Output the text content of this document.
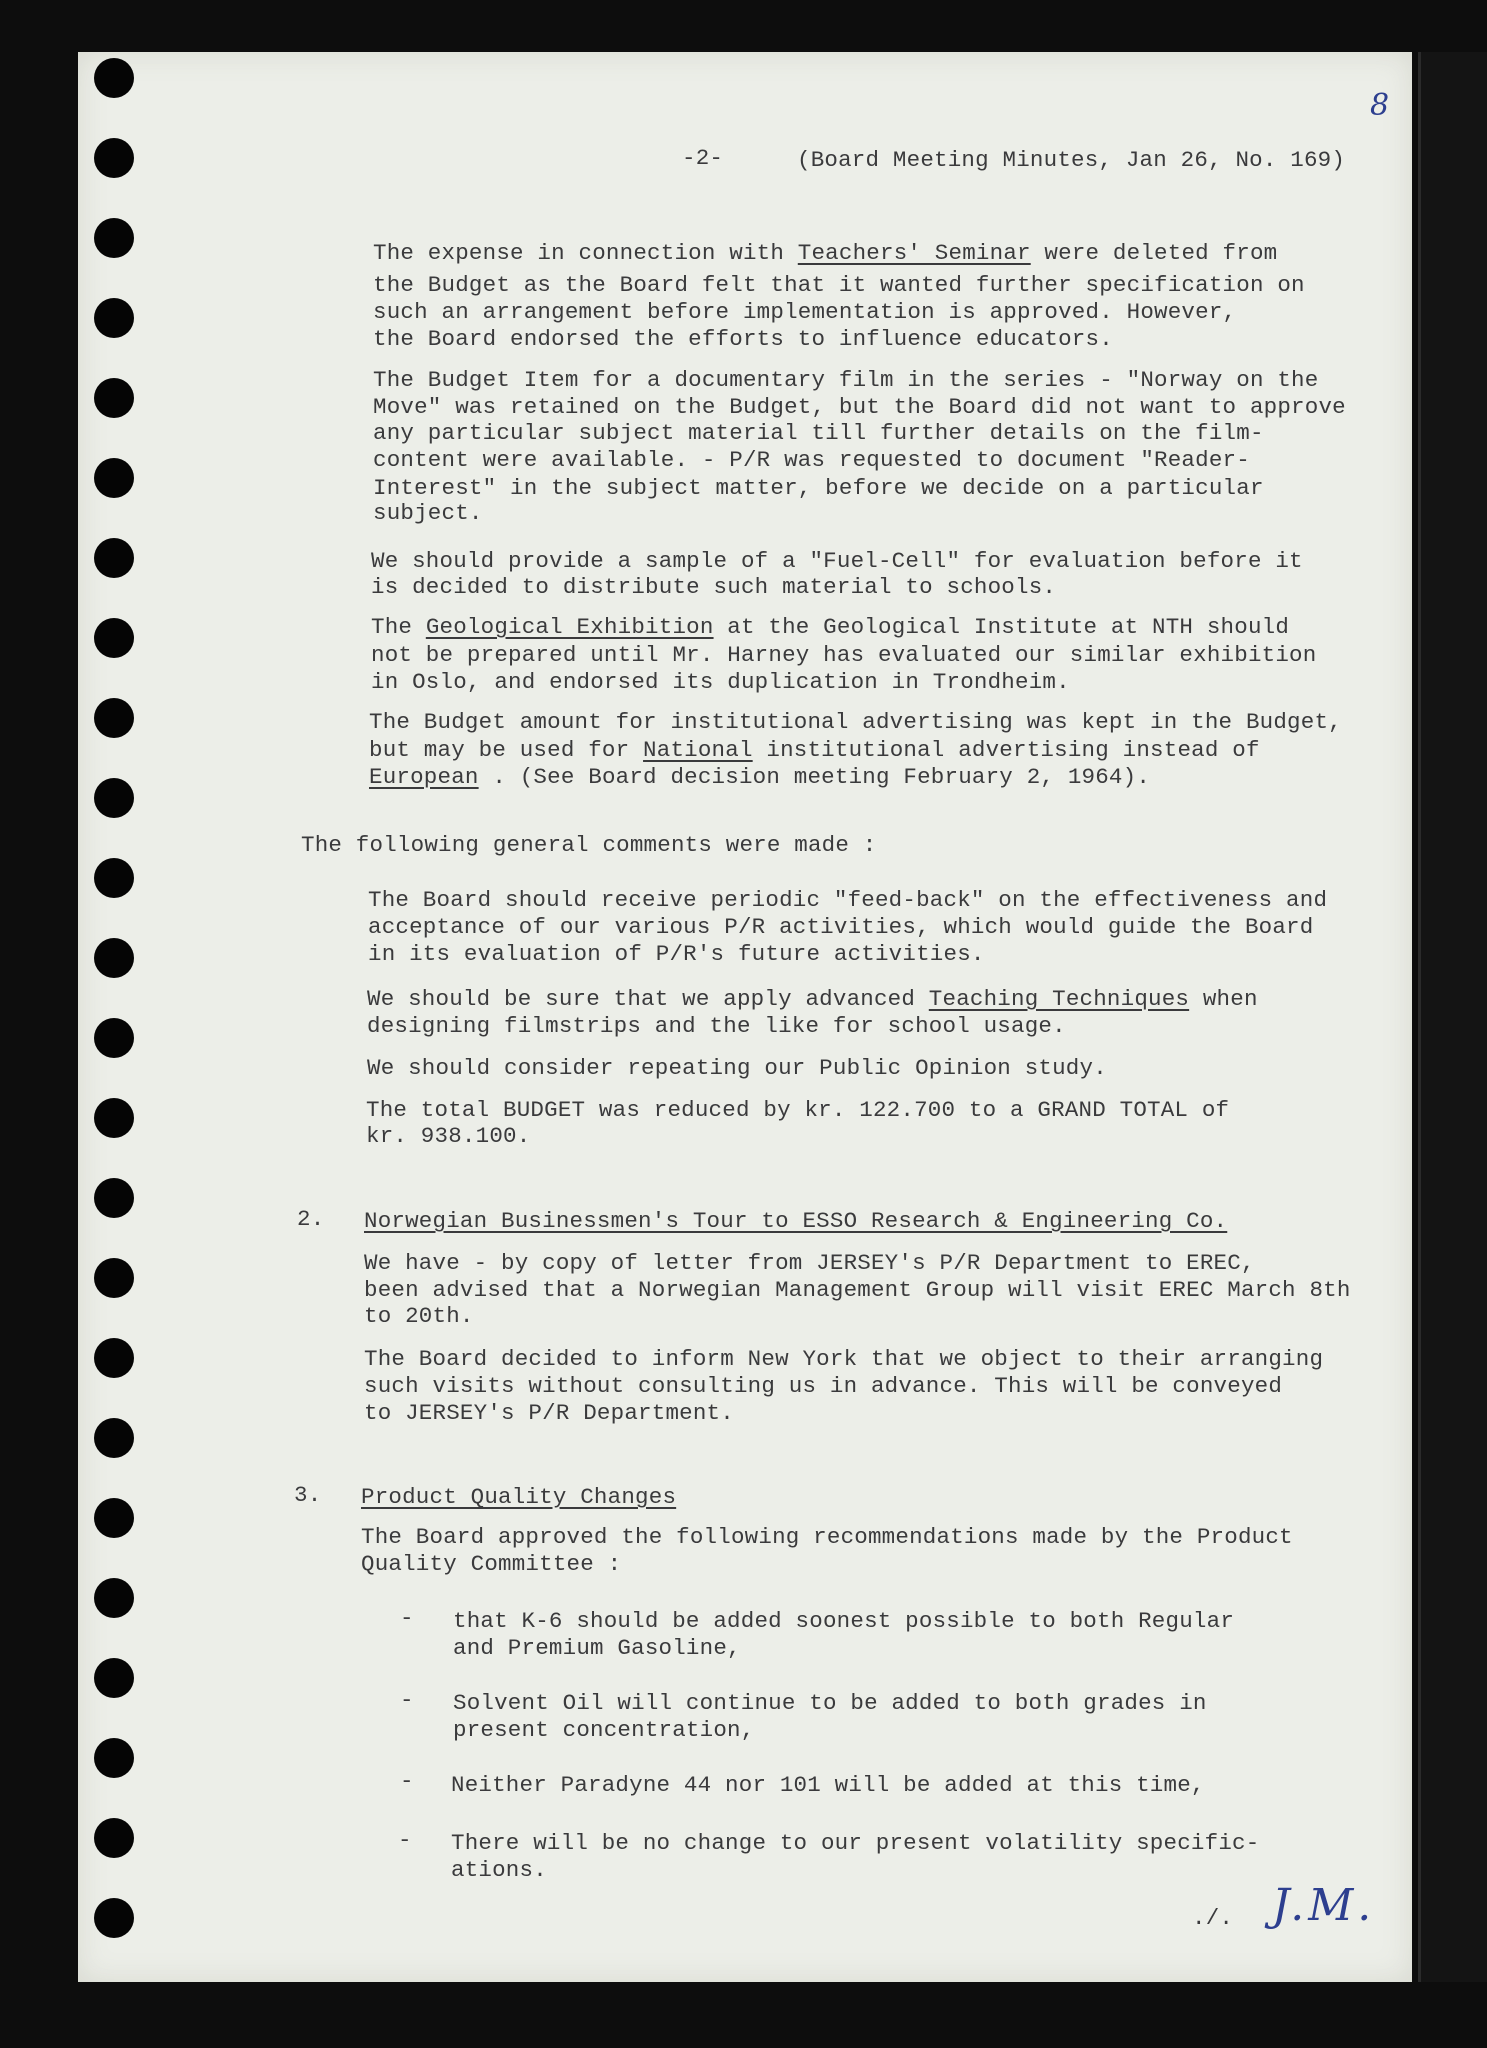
-2-	(Board Meeting Minutes, Jan 26, No. 169)
8
The expense in connection with Teachers' Seminar were deleted from
the Budget as the Board felt that it wanted further specification on
such an arrangement before implementation is approved. However,
the Board endorsed the efforts to influence educators.
The Budget Item for a documentary film in the series - "Norway on the
Move" was retained on the Budget, but the Board did not want to approve
any particular subject material till further details on the film-
content were available. - P/R was requested to document "Reader-
Interest" in the subject matter, before we decide on a particular
subject.
We should provide a sample of a "Fuel-Cell" for evaluation before it
is decided to distribute such material to schools.
The Geological Exhibition at the Geological Institute at NTH should
not be prepared until Mr. Harney has evaluated our similar exhibition
in Oslo, and endorsed its duplication in Trondheim.
The Budget amount for institutional advertising was kept in the Budget,
but may be used for National institutional advertising instead of
European . (See Board decision meeting February 2, 1964).
The following general comments were made :
The Board should receive periodic "feed-back" on the effectiveness and
acceptance of our various P/R activities, which would guide the Board
in its evaluation of P/R's future activities.
We should be sure that we apply advanced Teaching Techniques when
designing filmstrips and the like for school usage.
We should consider repeating our Public Opinion study.
The total BUDGET was reduced by kr. 122.700 to a GRAND TOTAL of
kr. 938.100.
2. Norwegian Businessmen's Tour to ESSO Research & Engineering Co.
We have - by copy of letter from JERSEY's P/R Department to EREC,
been advised that a Norwegian Management Group will visit EREC March 8th
to 20th.
The Board decided to inform New York that we object to their arranging
such visits without consulting us in advance. This will be conveyed
to JERSEY's P/R Department.
3. Product Quality Changes
The Board approved the following recommendations made by the Product
Quality Committee :
- that K-6 should be added soonest possible to both Regular
and Premium Gasoline,
- Solvent Oil will continue to be added to both grades in
present concentration,
- Neither Paradyne 44 nor 101 will be added at this time,
- There will be no change to our present volatility specific-
ations.
./. J.M.
